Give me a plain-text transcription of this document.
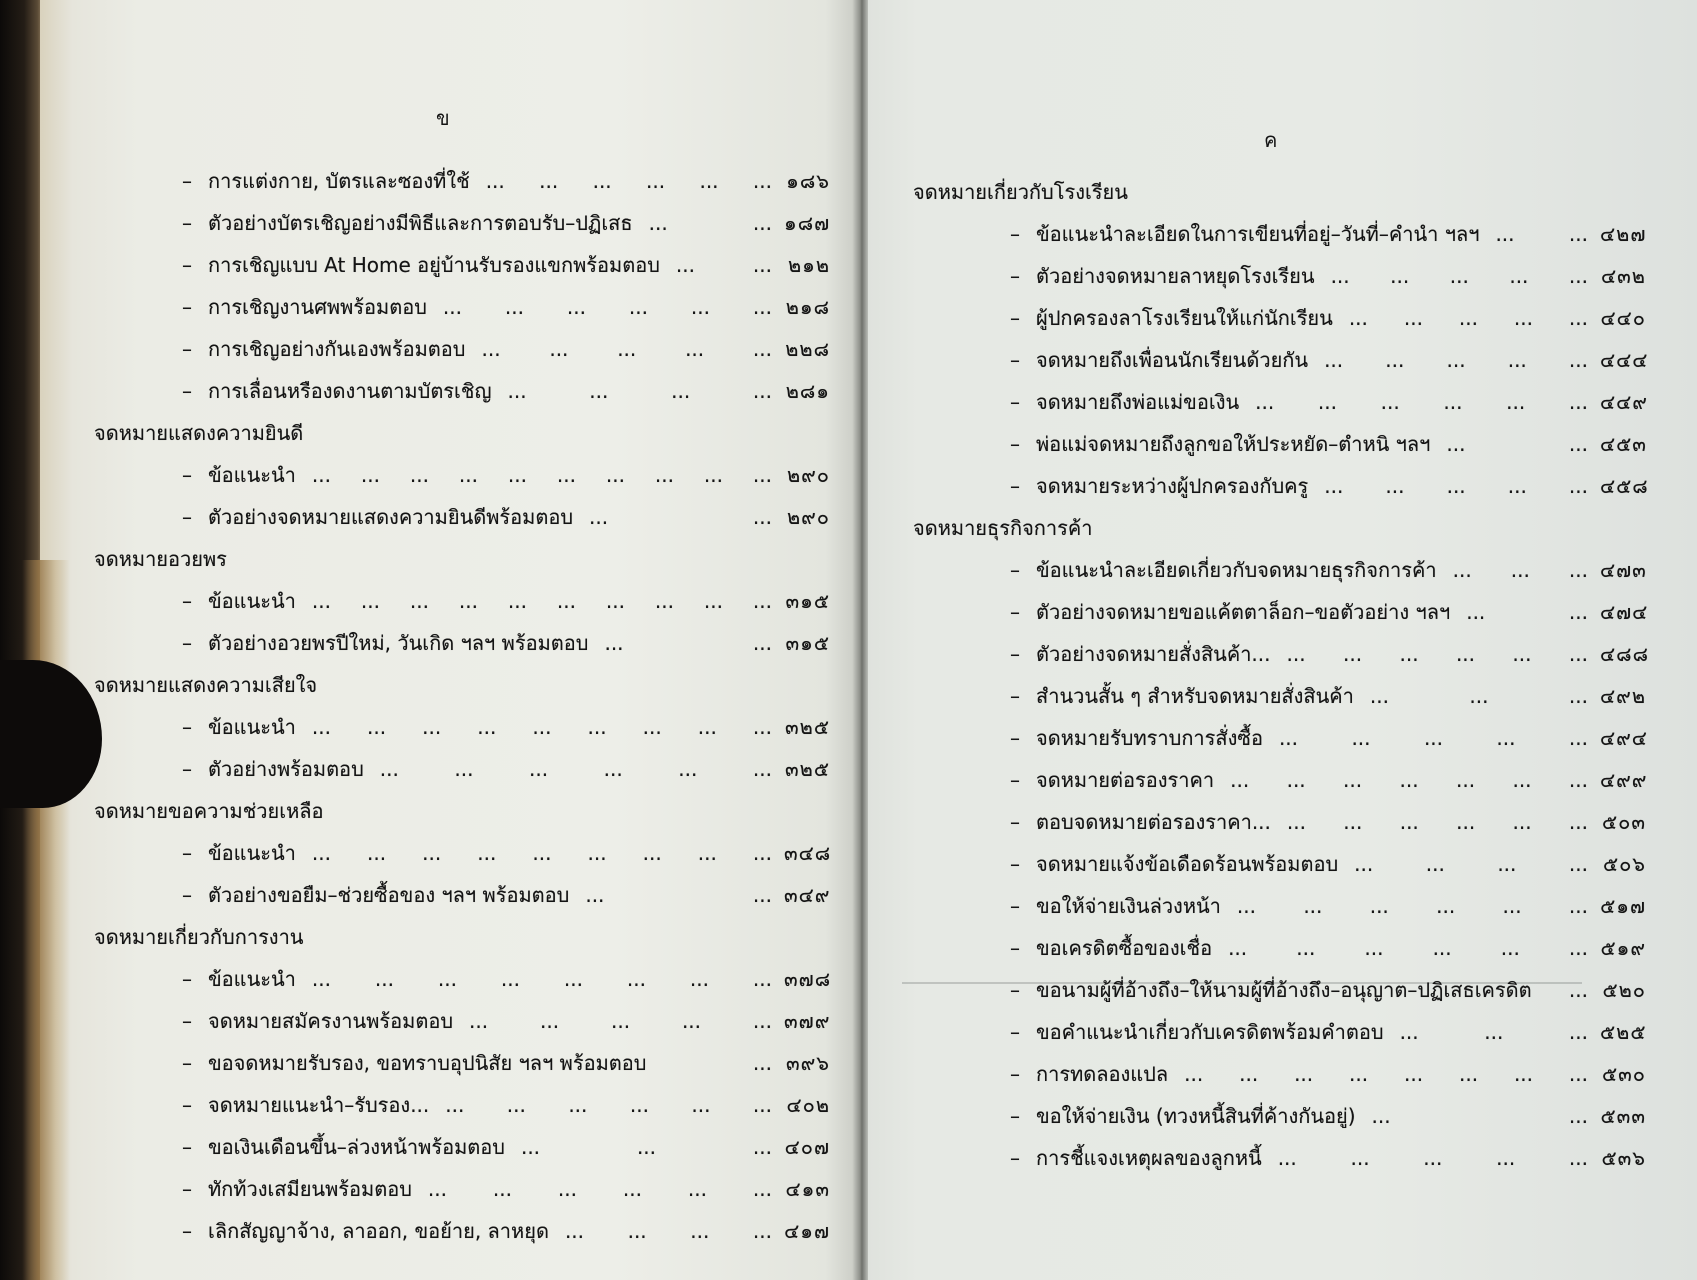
ข
ค
– การแต่งกาย, บัตรและซองที่ใช้ ... ... ... ... ... ... ๑๘๖
– ตัวอย่างบัตรเชิญอย่างมีพิธีและการตอบรับ–ปฏิเสธ ... ... ๑๘๗
– การเชิญแบบ At Home อยู่บ้านรับรองแขกพร้อมตอบ ... ... ๒๑๒
– การเชิญงานศพพร้อมตอบ ... ... ... ... ... ... ๒๑๘
– การเชิญอย่างกันเองพร้อมตอบ ... ... ... ... ... ๒๒๘
– การเลื่อนหรืองดงานตามบัตรเชิญ ... ... ... ... ๒๘๑
จดหมายแสดงความยินดี
– ข้อแนะนำ ... ... ... ... ... ... ... ... ... ... ๒๙๐
– ตัวอย่างจดหมายแสดงความยินดีพร้อมตอบ ... ... ๒๙๐
จดหมายอวยพร
– ข้อแนะนำ ... ... ... ... ... ... ... ... ... ... ๓๑๕
– ตัวอย่างอวยพรปีใหม่, วันเกิด ฯลฯ พร้อมตอบ ... ... ๓๑๕
จดหมายแสดงความเสียใจ
– ข้อแนะนำ ... ... ... ... ... ... ... ... ... ๓๒๕
– ตัวอย่างพร้อมตอบ ... ... ... ... ... ... ๓๒๕
จดหมายขอความช่วยเหลือ
– ข้อแนะนำ ... ... ... ... ... ... ... ... ... ๓๔๘
– ตัวอย่างขอยืม–ช่วยซื้อของ ฯลฯ พร้อมตอบ ... ... ๓๔๙
จดหมายเกี่ยวกับการงาน
– ข้อแนะนำ ... ... ... ... ... ... ... ... ๓๗๘
– จดหมายสมัครงานพร้อมตอบ ... ... ... ... ... ๓๗๙
– ขอจดหมายรับรอง, ขอทราบอุปนิสัย ฯลฯ พร้อมตอบ	... ๓๙๖
– จดหมายแนะนำ–รับรอง... ... ... ... ... ... ... ๔๐๒
– ขอเงินเดือนขึ้น–ล่วงหน้าพร้อมตอบ ... ... ... ๔๐๗
– ทักท้วงเสมียนพร้อมตอบ ... ... ... ... ... ... ๔๑๓
– เลิกสัญญาจ้าง, ลาออก, ขอย้าย, ลาหยุด ... ... ... ... ๔๑๗
จดหมายเกี่ยวกับโรงเรียน
– ข้อแนะนำละเอียดในการเขียนที่อยู่–วันที่–คำนำ ฯลฯ ... ... ๔๒๗
– ตัวอย่างจดหมายลาหยุดโรงเรียน ... ... ... ... ... ๔๓๒
– ผู้ปกครองลาโรงเรียนให้แก่นักเรียน ... ... ... ... ... ๔๔๐
– จดหมายถึงเพื่อนนักเรียนด้วยกัน ... ... ... ... ... ๔๔๔
– จดหมายถึงพ่อแม่ขอเงิน ... ... ... ... ... ... ๔๔๙
– พ่อแม่จดหมายถึงลูกขอให้ประหยัด–ตำหนิ ฯลฯ ... ... ๔๕๓
– จดหมายระหว่างผู้ปกครองกับครู ... ... ... ... ... ๔๕๘
จดหมายธุรกิจการค้า
– ข้อแนะนำละเอียดเกี่ยวกับจดหมายธุรกิจการค้า ... ... ... ๔๗๓
– ตัวอย่างจดหมายขอแค้ตตาล็อก–ขอตัวอย่าง ฯลฯ ... ... ๔๗๔
– ตัวอย่างจดหมายสั่งสินค้า... ... ... ... ... ... ... ๔๘๘
– สำนวนสั้น ๆ สำหรับจดหมายสั่งสินค้า ... ... ... ๔๙๒
– จดหมายรับทราบการสั่งซื้อ ... ... ... ... ... ๔๙๔
– จดหมายต่อรองราคา ... ... ... ... ... ... ... ๔๙๙
– ตอบจดหมายต่อรองราคา... ... ... ... ... ... ... ๕๐๓
– จดหมายแจ้งข้อเดือดร้อนพร้อมตอบ ... ... ... ... ๕๐๖
– ขอให้จ่ายเงินล่วงหน้า ... ... ... ... ... ... ๕๑๗
– ขอเครดิตซื้อของเชื่อ ... ... ... ... ... ... ๕๑๙
– ขอนามผู้ที่อ้างถึง–ให้นามผู้ที่อ้างถึง–อนุญาต–ปฏิเสธเครดิต	... ๕๒๐
– ขอคำแนะนำเกี่ยวกับเครดิตพร้อมคำตอบ ... ... ... ๕๒๕
– การทดลองแปล ... ... ... ... ... ... ... ... ๕๓๐
– ขอให้จ่ายเงิน (ทวงหนี้สินที่ค้างกันอยู่) ... ... ๕๓๓
– การชี้แจงเหตุผลของลูกหนี้ ... ... ... ... ... ๕๓๖
